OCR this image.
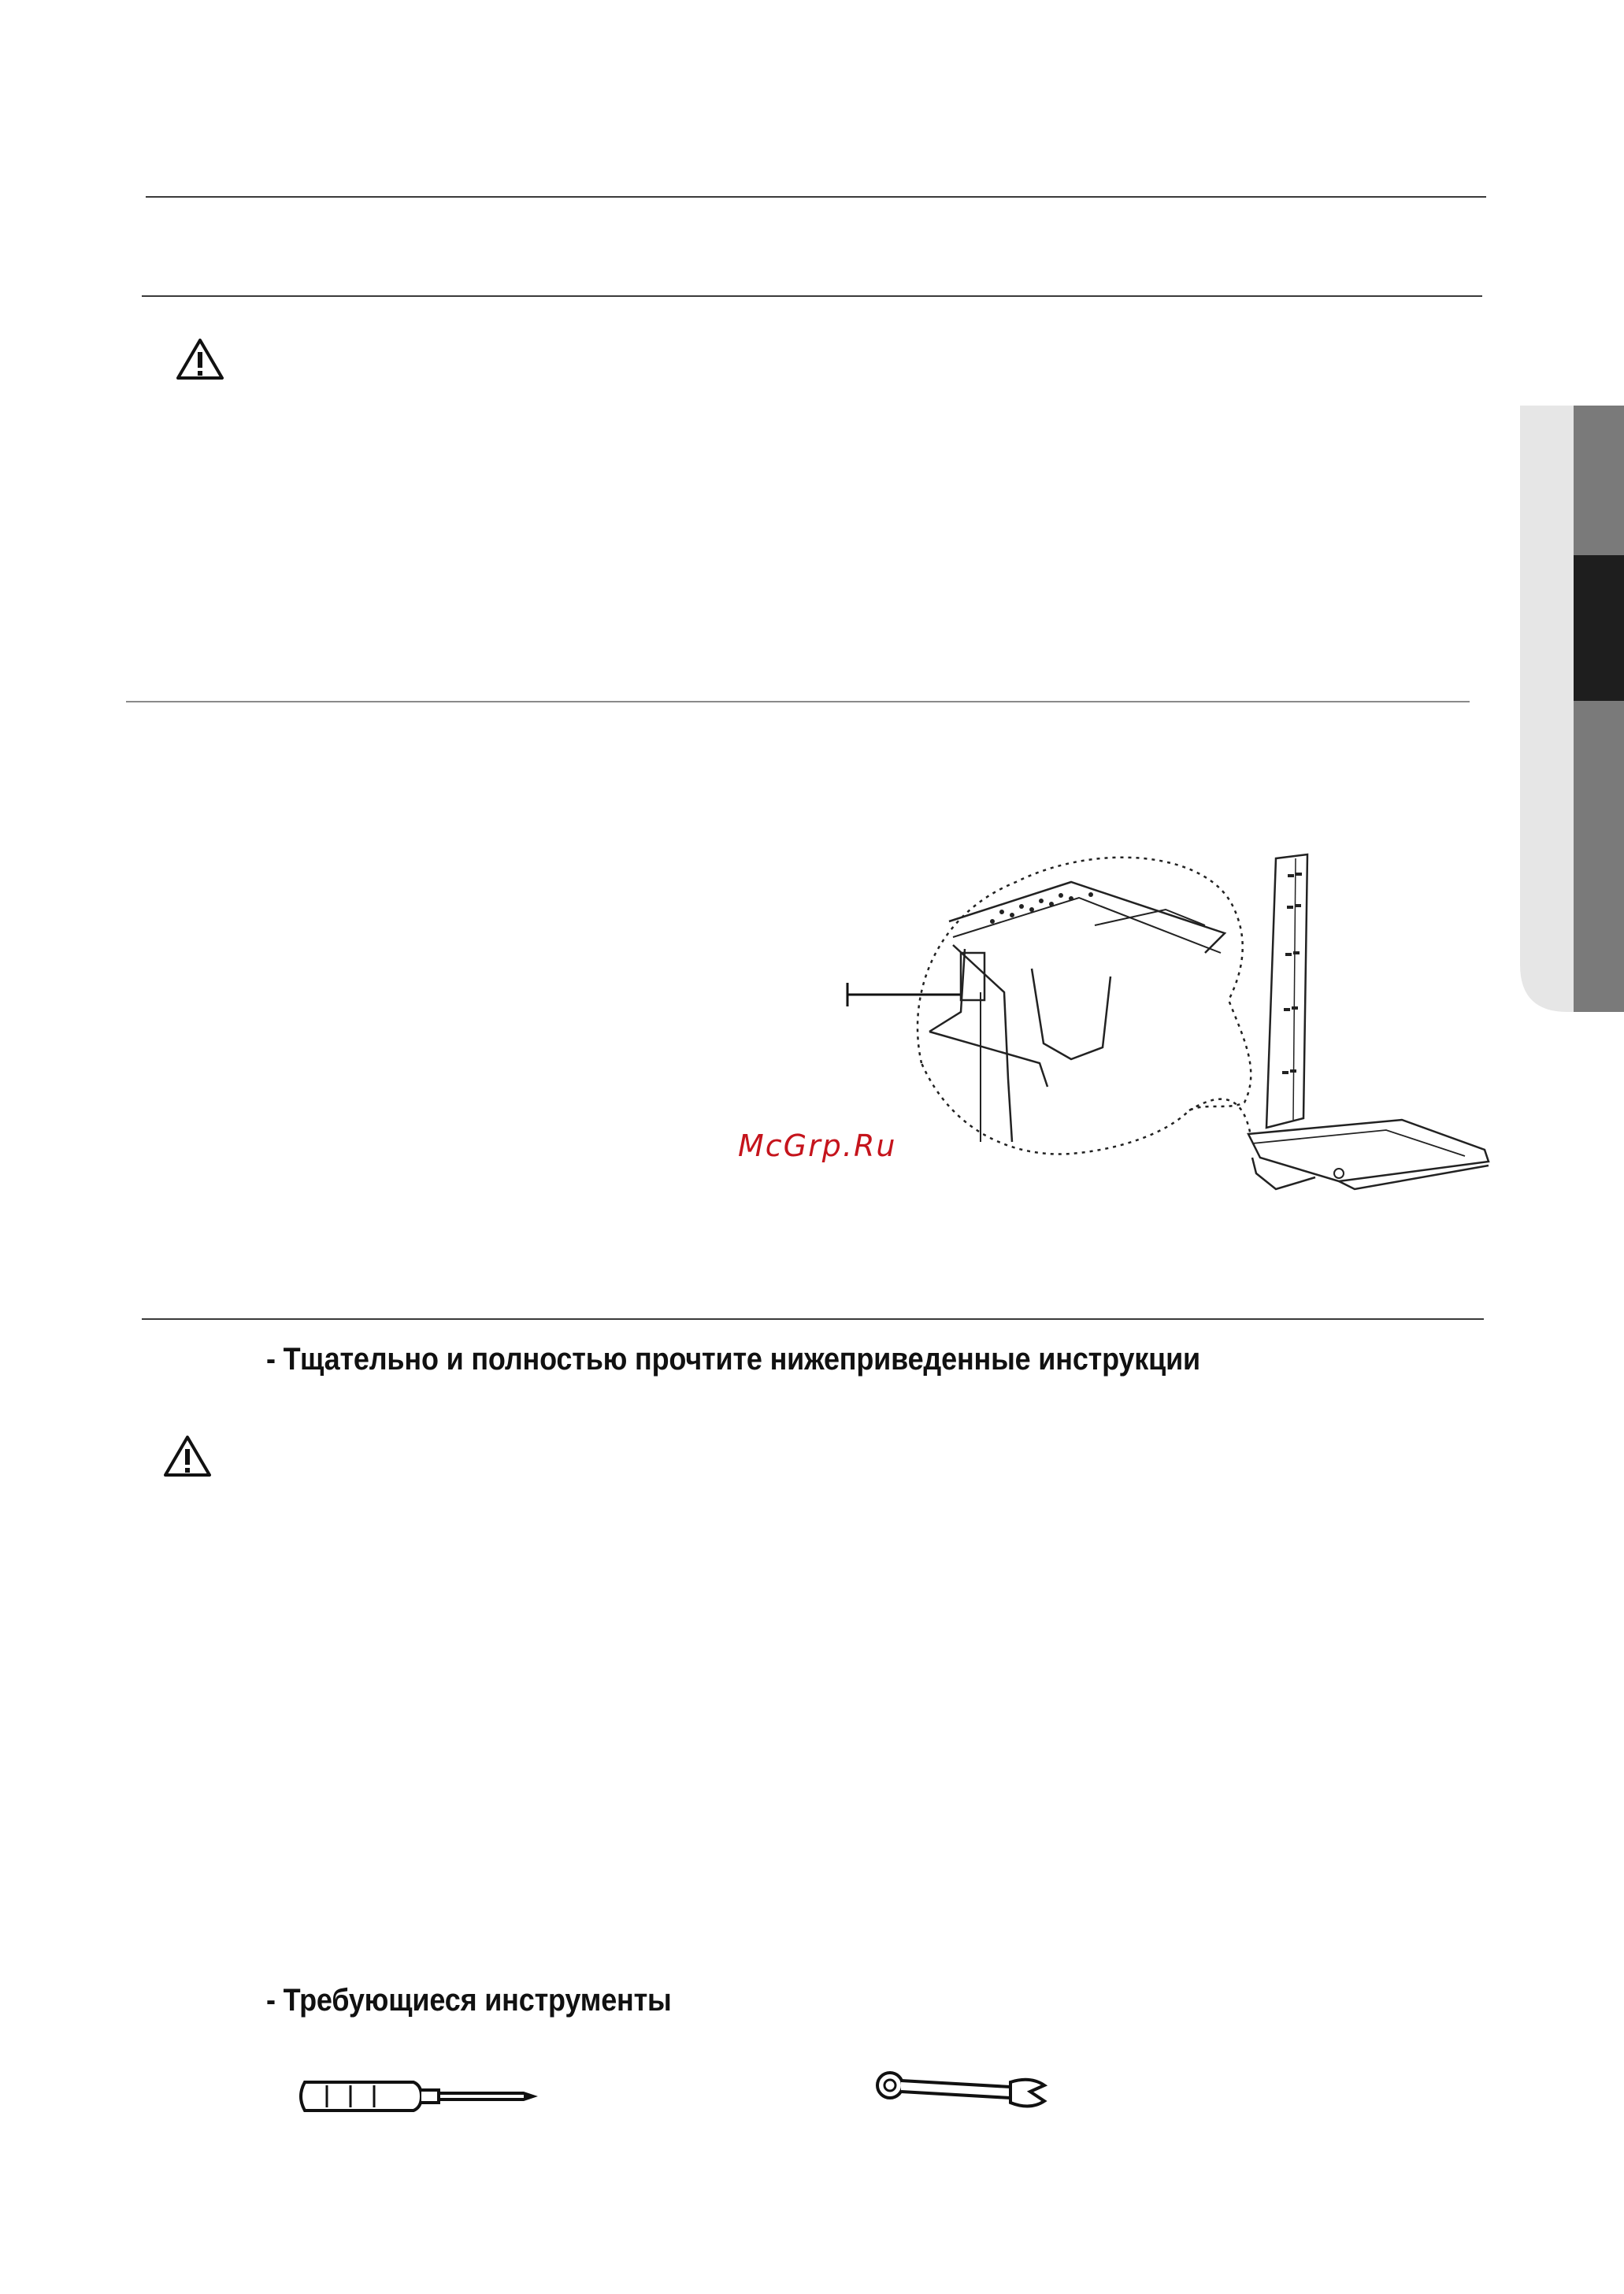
McGrp.Ru
- Тщательно и полностью прочтите нижеприведенные инструкции
- Требующиеся инструменты
